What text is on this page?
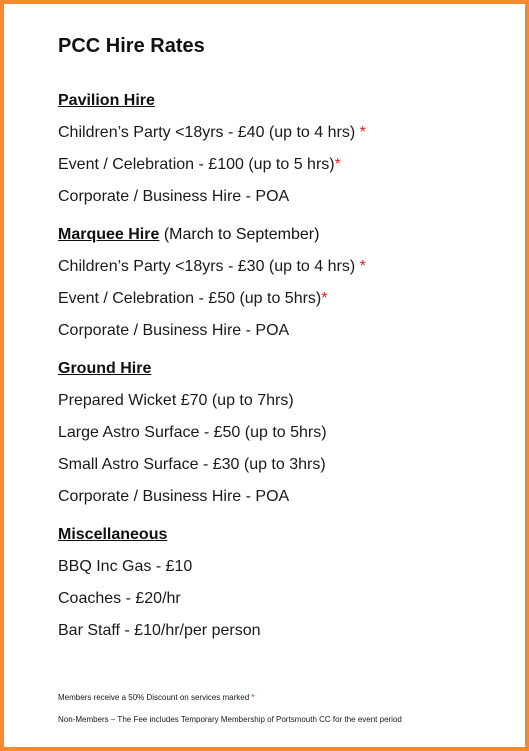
PCC Hire Rates
Pavilion Hire
Children’s Party <18yrs - £40 (up to 4 hrs) *
Event / Celebration - £100 (up to 5 hrs)*
Corporate / Business Hire - POA
Marquee Hire (March to September)
Children’s Party <18yrs - £30 (up to 4 hrs) *
Event / Celebration - £50 (up to 5hrs)*
Corporate / Business Hire - POA
Ground Hire
Prepared Wicket £70 (up to 7hrs)
Large Astro Surface - £50 (up to 5hrs)
Small Astro Surface - £30 (up to 3hrs)
Corporate / Business Hire - POA
Miscellaneous
BBQ Inc Gas - £10
Coaches - £20/hr
Bar Staff - £10/hr/per person
Members receive a 50% Discount on services marked *
Non-Members – The Fee includes Temporary Membership of Portsmouth CC for the event period
